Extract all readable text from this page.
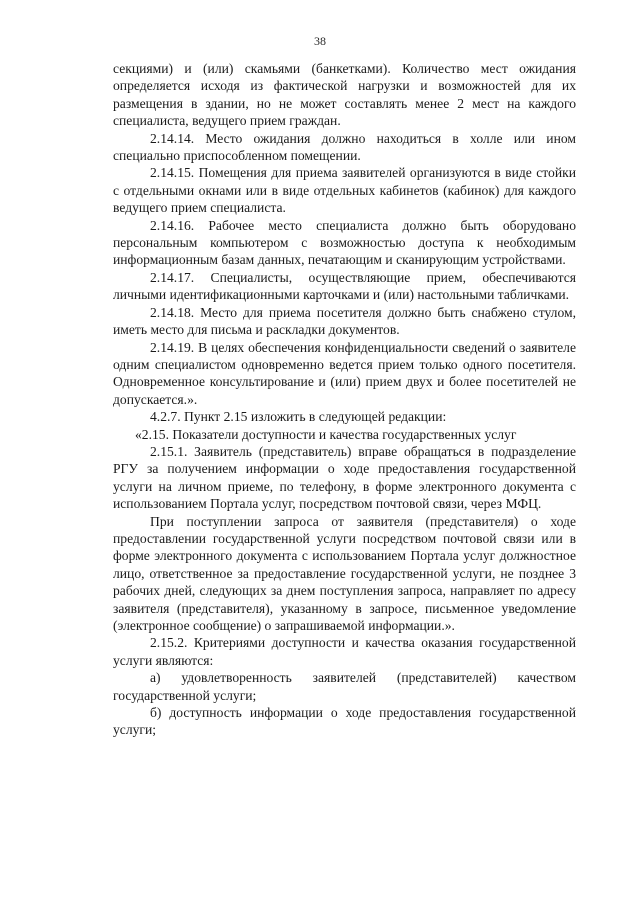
38

секциями) и (или) скамьями (банкетками). Количество мест ожидания определяется исходя из фактической нагрузки и возможностей для их размещения в здании, но не может составлять менее 2 мест на каждого специалиста, ведущего прием граждан.

2.14.14. Место ожидания должно находиться в холле или ином специально приспособленном помещении.

2.14.15. Помещения для приема заявителей организуются в виде стойки с отдельными окнами или в виде отдельных кабинетов (кабинок) для каждого ведущего прием специалиста.

2.14.16. Рабочее место специалиста должно быть оборудовано персональным компьютером с возможностью доступа к необходимым информационным базам данных, печатающим и сканирующим устройствами.

2.14.17. Специалисты, осуществляющие прием, обеспечиваются личными идентификационными карточками и (или) настольными табличками.

2.14.18. Место для приема посетителя должно быть снабжено стулом, иметь место для письма и раскладки документов.

2.14.19. В целях обеспечения конфиденциальности сведений о заявителе одним специалистом одновременно ведется прием только одного посетителя. Одновременное консультирование и (или) прием двух и более посетителей не допускается.».

4.2.7. Пункт 2.15 изложить в следующей редакции:

«2.15. Показатели доступности и качества государственных услуг

2.15.1. Заявитель (представитель) вправе обращаться в подразделение РГУ за получением информации о ходе предоставления государственной услуги на личном приеме, по телефону, в форме электронного документа с использованием Портала услуг, посредством почтовой связи, через МФЦ.

При поступлении запроса от заявителя (представителя) о ходе предоставлении государственной услуги посредством почтовой связи или в форме электронного документа с использованием Портала услуг должностное лицо, ответственное за предоставление государственной услуги, не позднее 3 рабочих дней, следующих за днем поступления запроса, направляет по адресу заявителя (представителя), указанному в запросе, письменное уведомление (электронное сообщение) о запрашиваемой информации.».

2.15.2. Критериями доступности и качества оказания государственной услуги являются:

а) удовлетворенность заявителей (представителей) качеством государственной услуги;

б) доступность информации о ходе предоставления государственной услуги;
